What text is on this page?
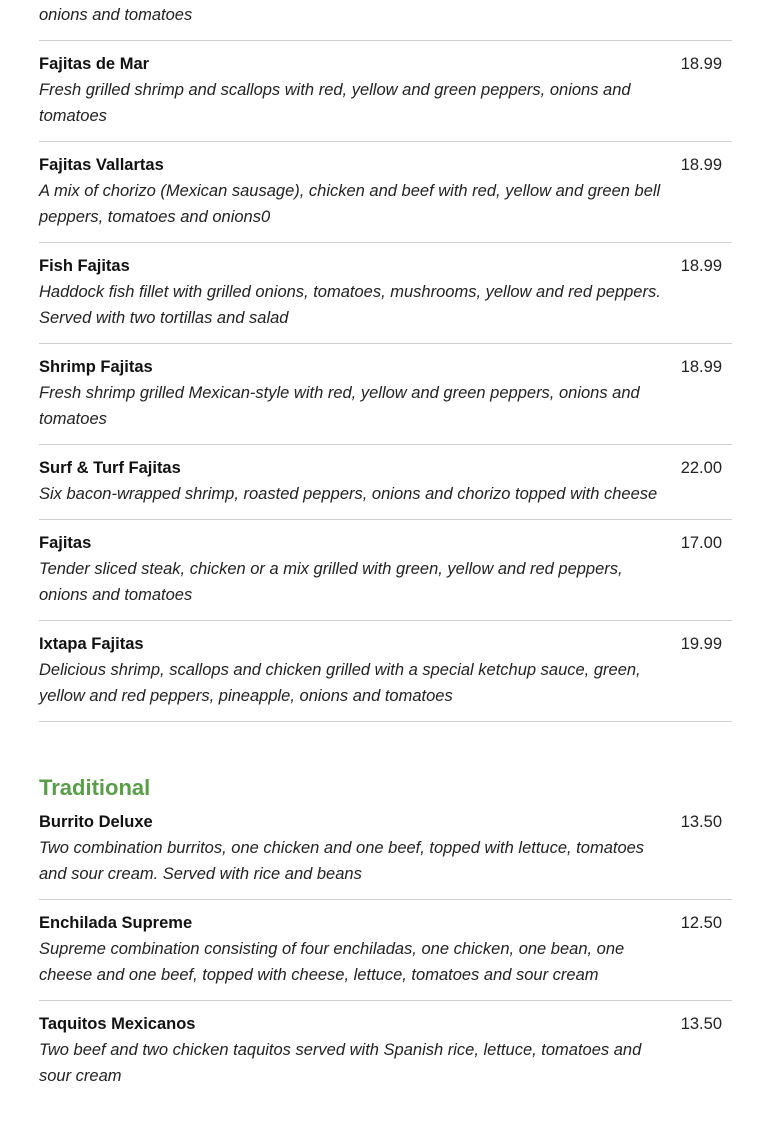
onions and tomatoes

Fajitas de Mar

Fresh grilled shrimp and scallops with red, yellow and green peppers, onions and tomatoes

18.99
Fajitas Vallartas

A mix of chorizo (Mexican sausage), chicken and beef with red, yellow and green bell peppers, tomatoes and onions0

18.99
Fish Fajitas

Haddock fish fillet with grilled onions, tomatoes, mushrooms, yellow and red peppers. Served with two tortillas and salad

18.99
Shrimp Fajitas

Fresh shrimp grilled Mexican-style with red, yellow and green peppers, onions and tomatoes

18.99
Surf & Turf Fajitas

Six bacon-wrapped shrimp, roasted peppers, onions and chorizo topped with cheese

22.00
Fajitas

Tender sliced steak, chicken or a mix grilled with green, yellow and red peppers, onions and tomatoes

17.00
Ixtapa Fajitas

Delicious shrimp, scallops and chicken grilled with a special ketchup sauce, green, yellow and red peppers, pineapple, onions and tomatoes

19.99
Traditional
Burrito Deluxe

Two combination burritos, one chicken and one beef, topped with lettuce, tomatoes and sour cream. Served with rice and beans

13.50
Enchilada Supreme

Supreme combination consisting of four enchiladas, one chicken, one bean, one cheese and one beef, topped with cheese, lettuce, tomatoes and sour cream

12.50
Taquitos Mexicanos

Two beef and two chicken taquitos served with Spanish rice, lettuce, tomatoes and sour cream

13.50
